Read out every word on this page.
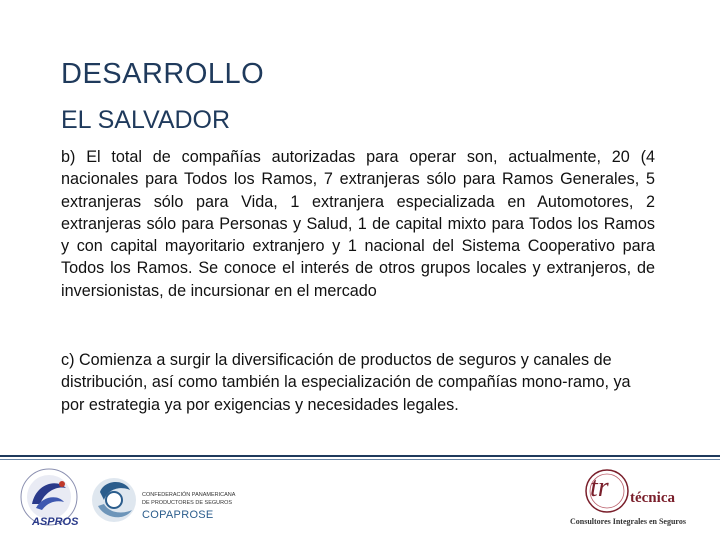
DESARROLLO
EL SALVADOR
b) El total de compañías autorizadas para operar son, actualmente, 20 (4 nacionales para Todos los Ramos, 7 extranjeras sólo para Ramos Generales, 5 extranjeras sólo para Vida, 1 extranjera especializada en Automotores, 2 extranjeras sólo para Personas y Salud, 1 de capital mixto para Todos los Ramos y con capital mayoritario extranjero y 1 nacional del Sistema Cooperativo para Todos los Ramos. Se conoce el interés de otros grupos locales y extranjeros, de inversionistas, de incursionar en el mercado
c) Comienza a surgir la diversificación de productos de seguros y canales de distribución, así como también la especialización de compañías mono-ramo, ya por estrategia ya por exigencias y necesidades legales.
ASPROS
CONFEDERACIÓN PANAMERICANA
DE PRODUCTORES DE SEGUROS
COPAPROSE
tr técnica
Consultores Integrales en Seguros
